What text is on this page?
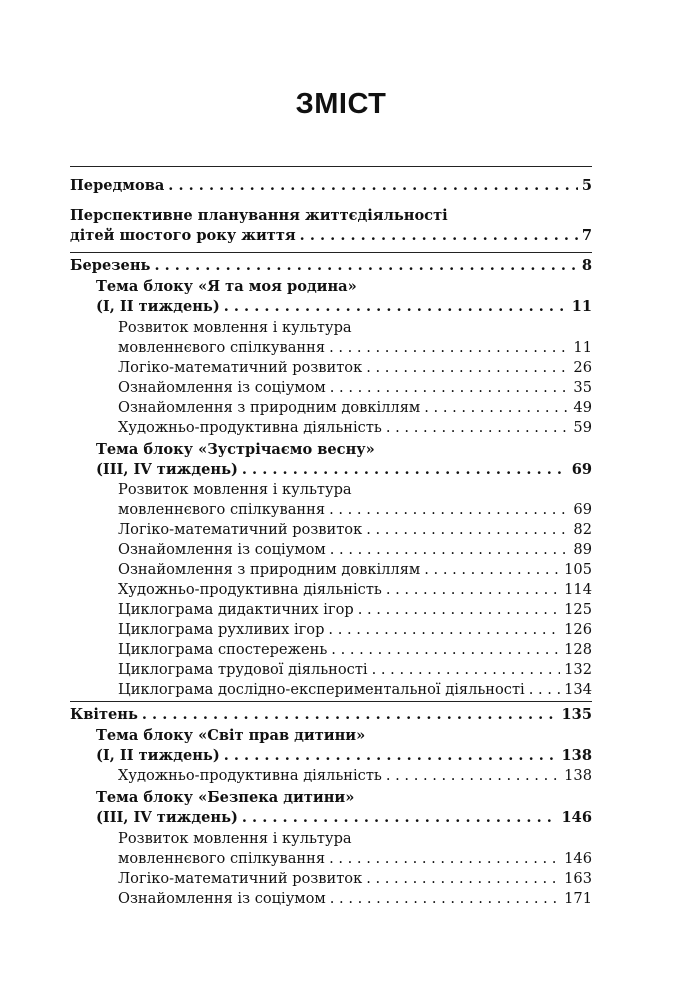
ЗМІСТ
Передмова . . .	5
Перспективне планування життєдіяльності
дітей шостого року життя . . .	7
Березень . . .	8
Тема блоку «Я та моя родина»
(І, ІІ тиждень) . . .	11
Розвиток мовлення і культура
мовленнєвого спілкування . . .	11
Логіко-математичний розвиток . . .	26
Ознайомлення із соціумом . . .	35
Ознайомлення з природним довкіллям . . .	49
Художньо-продуктивна діяльність . . .	59
Тема блоку «Зустрічаємо весну»
(ІІІ, ІV тиждень) . . .	69
Розвиток мовлення і культура
мовленнєвого спілкування . . .	69
Логіко-математичний розвиток . . .	82
Ознайомлення із соціумом . . .	89
Ознайомлення з природним довкіллям . . .	105
Художньо-продуктивна діяльність . . .	114
Циклограма дидактичних ігор . . .	125
Циклограма рухливих ігор . . .	126
Циклограма спостережень . . .	128
Циклограма трудової діяльності . . .	132
Циклограма дослідно-експериментальної діяльності . . .	134
Квітень . . .	135
Тема блоку «Світ прав дитини»
(І, ІІ тиждень) . . .	138
Художньо-продуктивна діяльність . . .	138
Тема блоку «Безпека дитини»
(ІІІ, ІV тиждень) . . .	146
Розвиток мовлення і культура
мовленнєвого спілкування . . .	146
Логіко-математичний розвиток . . .	163
Ознайомлення із соціумом . . .	171
